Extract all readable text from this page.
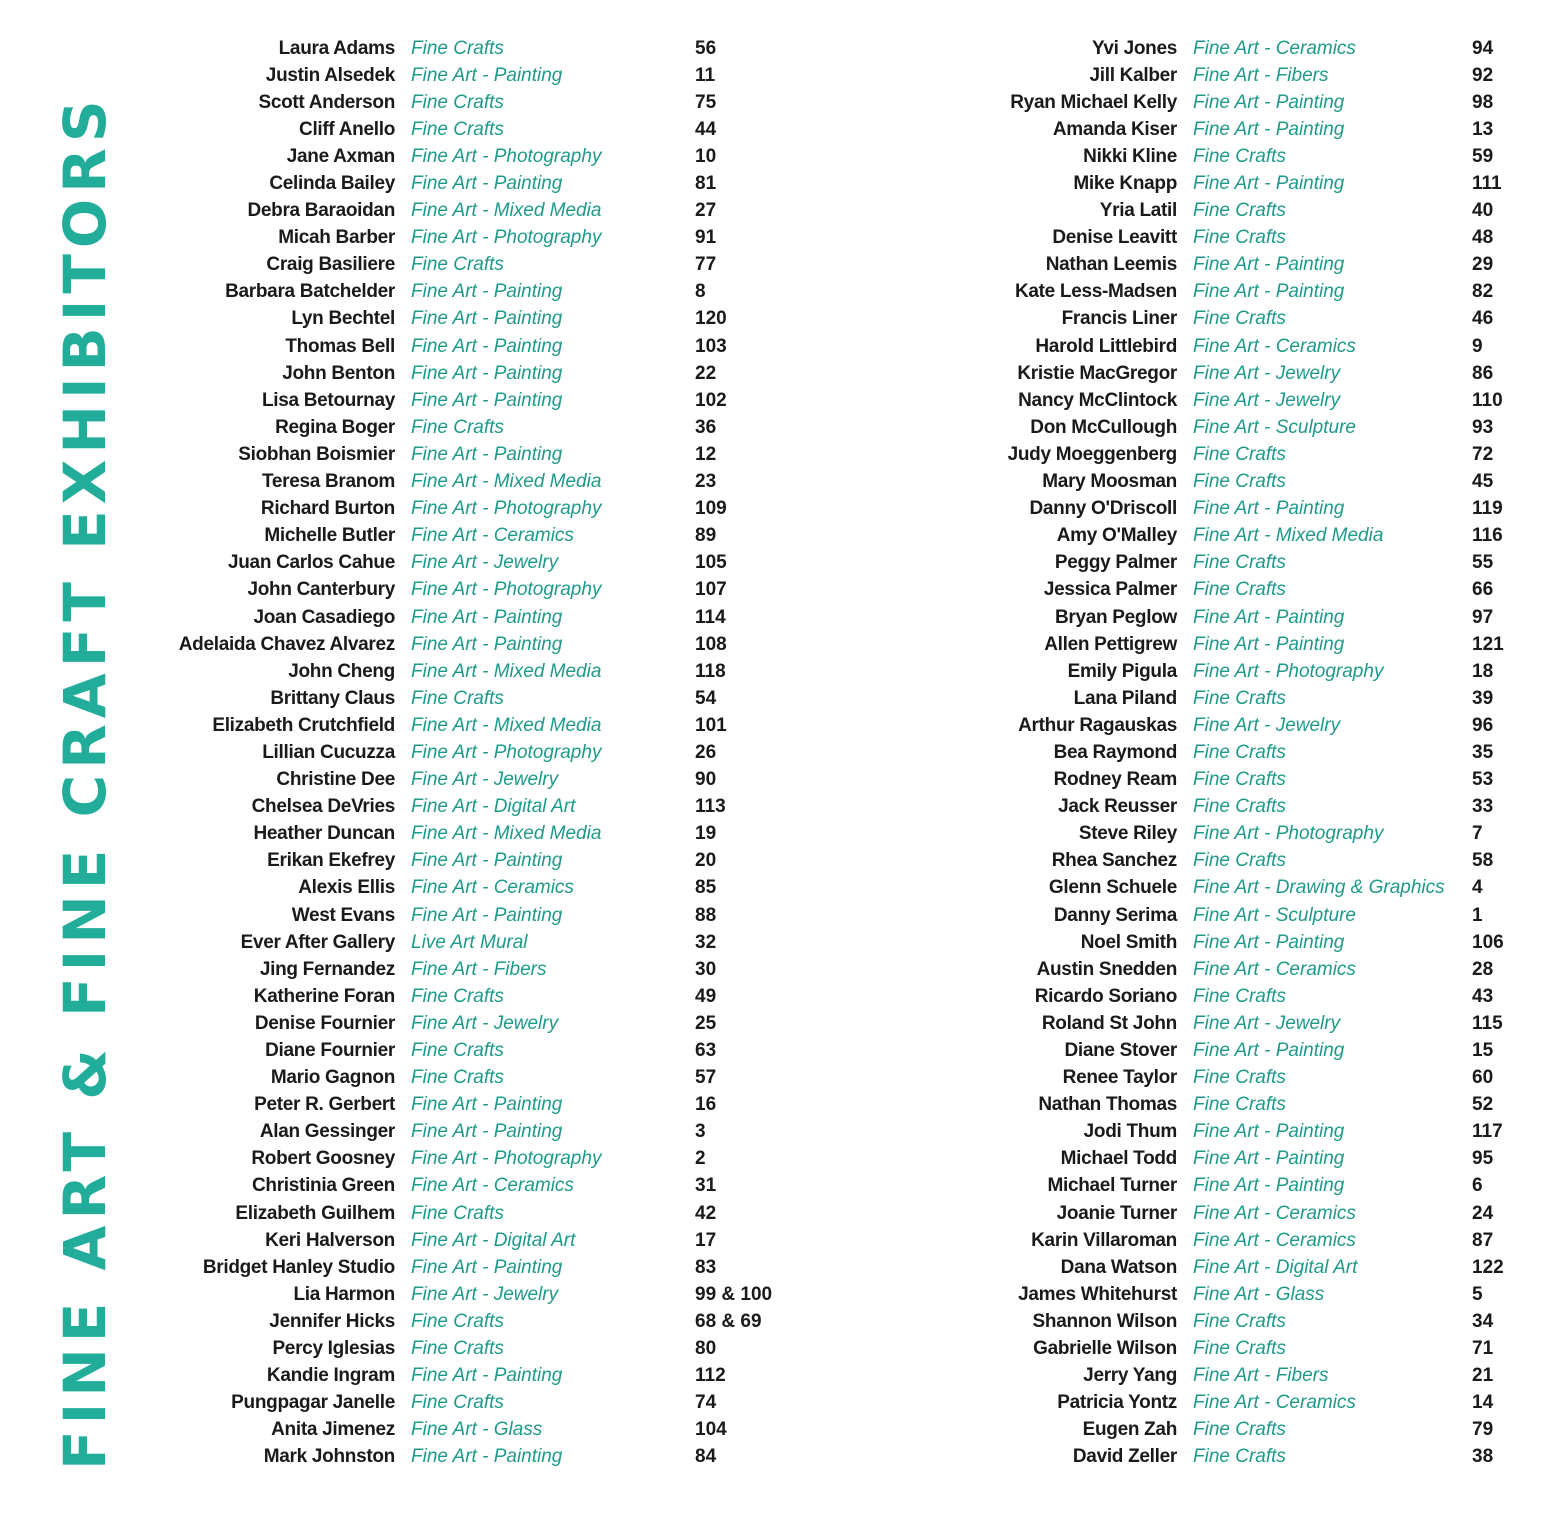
FINE ART & FINE CRAFT EXHIBITORS
Laura Adams Fine Crafts	56
Justin Alsedek Fine Art - Painting	11
Scott Anderson Fine Crafts	75
Cliff Anello Fine Crafts	44
Jane Axman Fine Art - Photography	10
Celinda Bailey Fine Art - Painting	81
Debra Baraoidan Fine Art - Mixed Media	27
Micah Barber Fine Art - Photography	91
Craig Basiliere Fine Crafts	77
Barbara Batchelder Fine Art - Painting	8
Lyn Bechtel Fine Art - Painting	120
Thomas Bell Fine Art - Painting	103
John Benton Fine Art - Painting	22
Lisa Betournay Fine Art - Painting	102
Regina Boger Fine Crafts	36
Siobhan Boismier Fine Art - Painting	12
Teresa Branom Fine Art - Mixed Media	23
Richard Burton Fine Art - Photography	109
Michelle Butler Fine Art - Ceramics	89
Juan Carlos Cahue Fine Art - Jewelry	105
John Canterbury Fine Art - Photography	107
Joan Casadiego Fine Art - Painting	114
Adelaida Chavez Alvarez Fine Art - Painting	108
John Cheng Fine Art - Mixed Media	118
Brittany Claus Fine Crafts	54
Elizabeth Crutchfield Fine Art - Mixed Media	101
Lillian Cucuzza Fine Art - Photography	26
Christine Dee Fine Art - Jewelry	90
Chelsea DeVries Fine Art - Digital Art	113
Heather Duncan Fine Art - Mixed Media	19
Erikan Ekefrey Fine Art - Painting	20
Alexis Ellis Fine Art - Ceramics	85
West Evans Fine Art - Painting	88
Ever After Gallery Live Art Mural	32
Jing Fernandez Fine Art - Fibers	30
Katherine Foran Fine Crafts	49
Denise Fournier Fine Art - Jewelry	25
Diane Fournier Fine Crafts	63
Mario Gagnon Fine Crafts	57
Peter R. Gerbert Fine Art - Painting	16
Alan Gessinger Fine Art - Painting	3
Robert Goosney Fine Art - Photography	2
Christinia Green Fine Art - Ceramics	31
Elizabeth Guilhem Fine Crafts	42
Keri Halverson Fine Art - Digital Art	17
Bridget Hanley Studio Fine Art - Painting	83
Lia Harmon Fine Art - Jewelry	99 & 100
Jennifer Hicks Fine Crafts	68 & 69
Percy Iglesias Fine Crafts	80
Kandie Ingram Fine Art - Painting	112
Pungpagar Janelle Fine Crafts	74
Anita Jimenez Fine Art - Glass	104
Mark Johnston Fine Art - Painting	84
Yvi Jones Fine Art - Ceramics	94
Jill Kalber Fine Art - Fibers	92
Ryan Michael Kelly Fine Art - Painting	98
Amanda Kiser Fine Art - Painting	13
Nikki Kline Fine Crafts	59
Mike Knapp Fine Art - Painting	111
Yria Latil Fine Crafts	40
Denise Leavitt Fine Crafts	48
Nathan Leemis Fine Art - Painting	29
Kate Less-Madsen Fine Art - Painting	82
Francis Liner Fine Crafts	46
Harold Littlebird Fine Art - Ceramics	9
Kristie MacGregor Fine Art - Jewelry	86
Nancy McClintock Fine Art - Jewelry	110
Don McCullough Fine Art - Sculpture	93
Judy Moeggenberg Fine Crafts	72
Mary Moosman Fine Crafts	45
Danny O'Driscoll Fine Art - Painting	119
Amy O'Malley Fine Art - Mixed Media	116
Peggy Palmer Fine Crafts	55
Jessica Palmer Fine Crafts	66
Bryan Peglow Fine Art - Painting	97
Allen Pettigrew Fine Art - Painting	121
Emily Pigula Fine Art - Photography	18
Lana Piland Fine Crafts	39
Arthur Ragauskas Fine Art - Jewelry	96
Bea Raymond Fine Crafts	35
Rodney Ream Fine Crafts	53
Jack Reusser Fine Crafts	33
Steve Riley Fine Art - Photography	7
Rhea Sanchez Fine Crafts	58
Glenn Schuele Fine Art - Drawing & Graphics	4
Danny Serima Fine Art - Sculpture	1
Noel Smith Fine Art - Painting	106
Austin Snedden Fine Art - Ceramics	28
Ricardo Soriano Fine Crafts	43
Roland St John Fine Art - Jewelry	115
Diane Stover Fine Art - Painting	15
Renee Taylor Fine Crafts	60
Nathan Thomas Fine Crafts	52
Jodi Thum Fine Art - Painting	117
Michael Todd Fine Art - Painting	95
Michael Turner Fine Art - Painting	6
Joanie Turner Fine Art - Ceramics	24
Karin Villaroman Fine Art - Ceramics	87
Dana Watson Fine Art - Digital Art	122
James Whitehurst Fine Art - Glass	5
Shannon Wilson Fine Crafts	34
Gabrielle Wilson Fine Crafts	71
Jerry Yang Fine Art - Fibers	21
Patricia Yontz Fine Art - Ceramics	14
Eugen Zah Fine Crafts	79
David Zeller Fine Crafts	38
